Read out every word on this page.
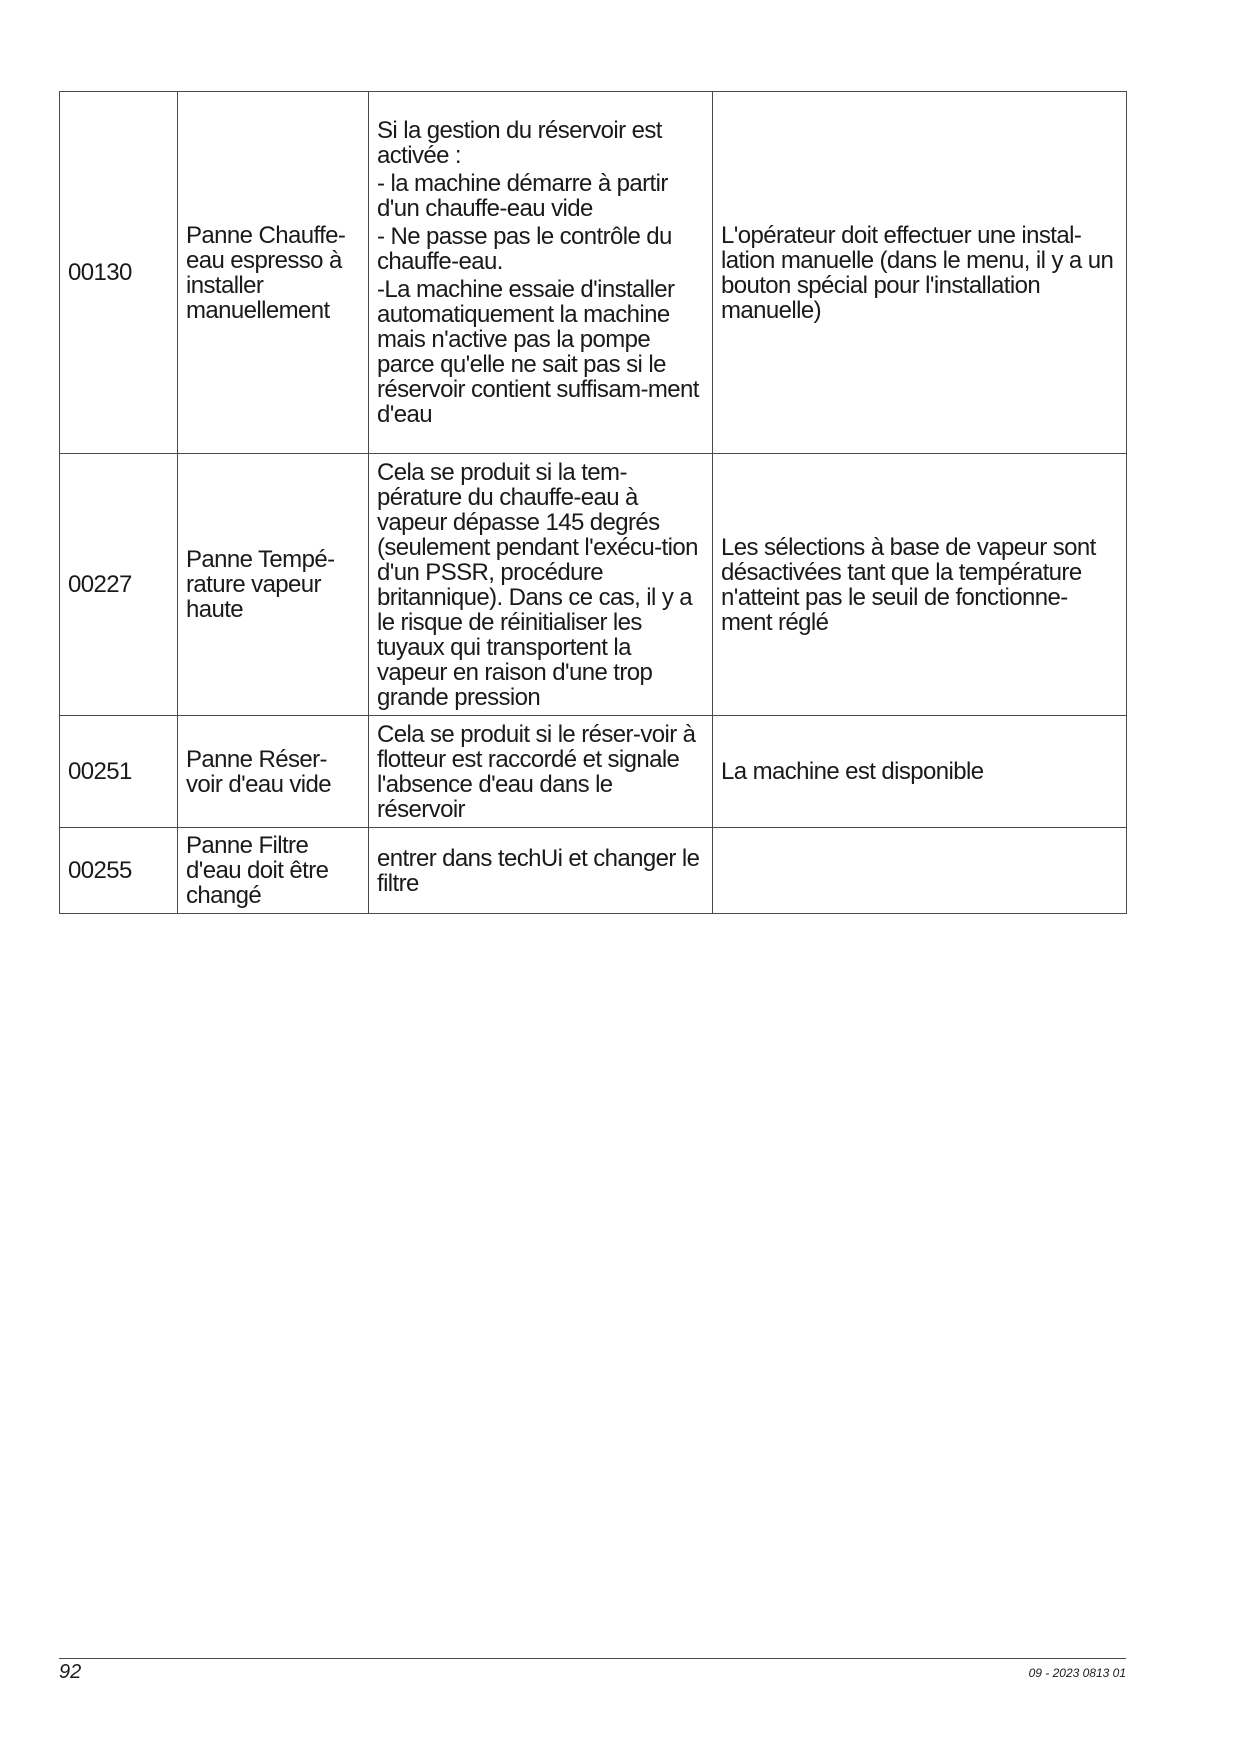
00130	Panne Chauffe-eau espresso à installer manuellement	Si la gestion du réservoir est activée :
- la machine démarre à partir d'un chauffe-eau vide
- Ne passe pas le contrôle du chauffe-eau.
-La machine essaie d'installer automatiquement la machine mais n'active pas la pompe parce qu'elle ne sait pas si le réservoir contient suffisam-ment d'eau	L'opérateur doit effectuer une instal-lation manuelle (dans le menu, il y a un bouton spécial pour l'installation manuelle)
00227	Panne Tempé-rature vapeur haute	Cela se produit si la tem-pérature du chauffe-eau à vapeur dépasse 145 degrés (seulement pendant l'exécu-tion d'un PSSR, procédure britannique). Dans ce cas, il y a le risque de réinitialiser les tuyaux qui transportent la vapeur en raison d'une trop grande pression	Les sélections à base de vapeur sont désactivées tant que la température n'atteint pas le seuil de fonctionne-ment réglé
00251	Panne Réser-voir d'eau vide	Cela se produit si le réser-voir à flotteur est raccordé et signale l'absence d'eau dans le réservoir	La machine est disponible
00255	Panne Filtre d'eau doit être changé	entrer dans techUi et changer le filtre	

92	09 - 2023 0813 01
